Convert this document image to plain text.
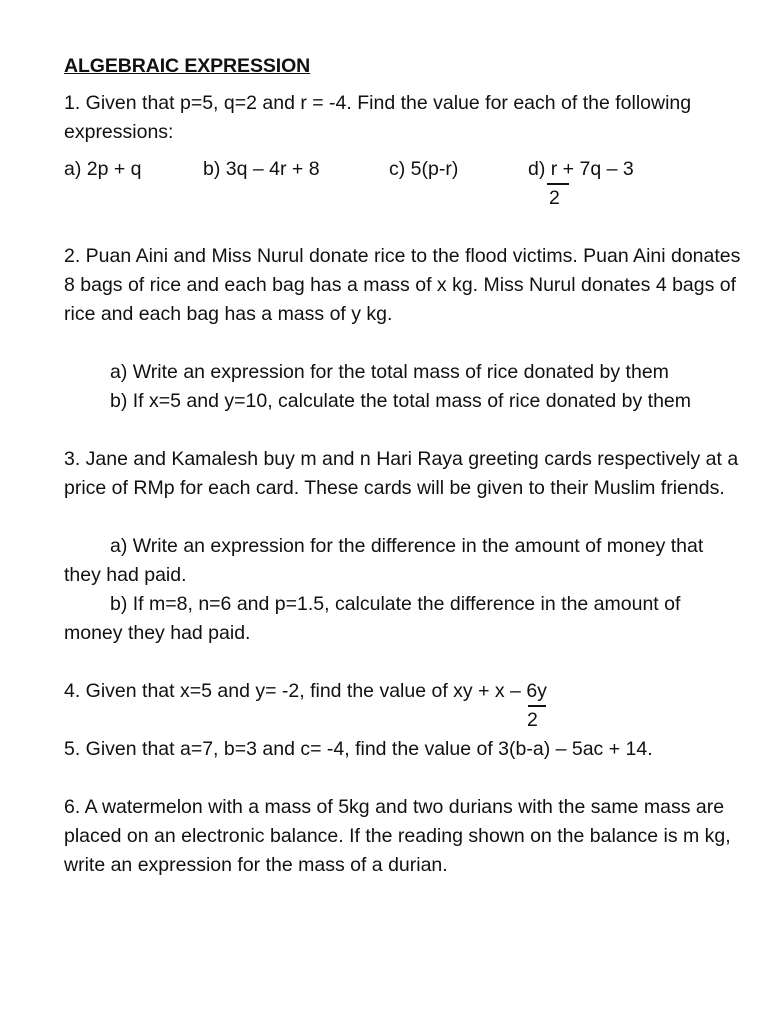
ALGEBRAIC EXPRESSION

1. Given that p=5, q=2 and r = -4. Find the value for each of the following expressions:

a) 2p + q	b) 3q – 4r + 8	c) 5(p-r)	d) r + 7q – 3
2

2. Puan Aini and Miss Nurul donate rice to the flood victims. Puan Aini donates 8 bags of rice and each bag has a mass of x kg. Miss Nurul donates 4 bags of rice and each bag has a mass of y kg.

a) Write an expression for the total mass of rice donated by them

b) If x=5 and y=10, calculate the total mass of rice donated by them

3. Jane and Kamalesh buy m and n Hari Raya greeting cards respectively at a price of RMp for each card. These cards will be given to their Muslim friends.

a) Write an expression for the difference in the amount of money that they had paid.

b) If m=8, n=6 and p=1.5, calculate the difference in the amount of money they had paid.

4. Given that x=5 and y= -2, find the value of xy + x – 6y
2

5. Given that a=7, b=3 and c= -4, find the value of 3(b-a) – 5ac + 14.

6. A watermelon with a mass of 5kg and two durians with the same mass are placed on an electronic balance. If the reading shown on the balance is m kg, write an expression for the mass of a durian.
